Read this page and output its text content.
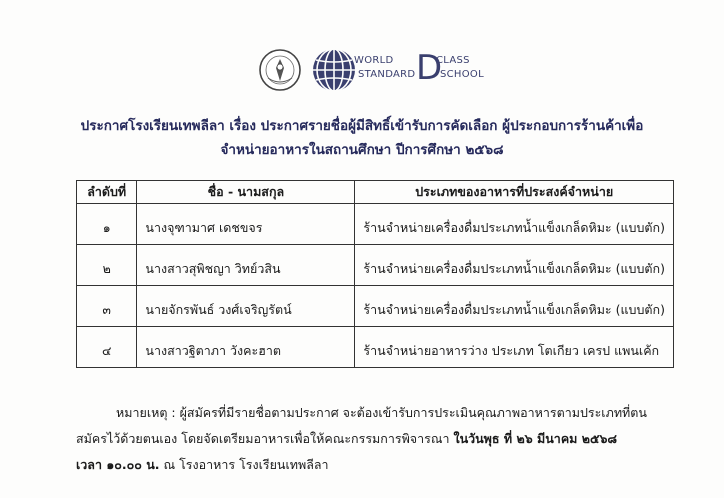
WORLD	CLASS
D
STANDARD SCHOOL
ประกาศโรงเรียนเทพลีลา เรื่อง ประกาศรายชื่อผู้มีสิทธิ์เข้ารับการคัดเลือก ผู้ประกอบการร้านค้าเพื่อ
จำหน่ายอาหารในสถานศึกษา ปีการศึกษา ๒๕๖๘
ลำดับที่	ชื่อ - นามสกุล	ประเภทของอาหารที่ประสงค์จำหน่าย
๑	นางจุฑามาศ เดชขจร	ร้านจำหน่ายเครื่องดื่มประเภทน้ำแข็งเกล็ดหิมะ (แบบตัก)
๒	นางสาวสุพิชญา วิทย์วสิน	ร้านจำหน่ายเครื่องดื่มประเภทน้ำแข็งเกล็ดหิมะ (แบบตัก)
๓	นายจักรพันธ์ วงศ์เจริญรัตน์	ร้านจำหน่ายเครื่องดื่มประเภทน้ำแข็งเกล็ดหิมะ (แบบตัก)
๔	นางสาวฐิตาภา วังคะฮาต	ร้านจำหน่ายอาหารว่าง ประเภท โตเกียว เครป แพนเค้ก
หมายเหตุ : ผู้สมัครที่มีรายชื่อตามประกาศ จะต้องเข้ารับการประเมินคุณภาพอาหารตามประเภทที่ตน
สมัครไว้ด้วยตนเอง โดยจัดเตรียมอาหารเพื่อให้คณะกรรมการพิจารณา ในวันพุธ ที่ ๒๖ มีนาคม ๒๕๖๘
เวลา ๑๐.๐๐ น. ณ โรงอาหาร โรงเรียนเทพลีลา
